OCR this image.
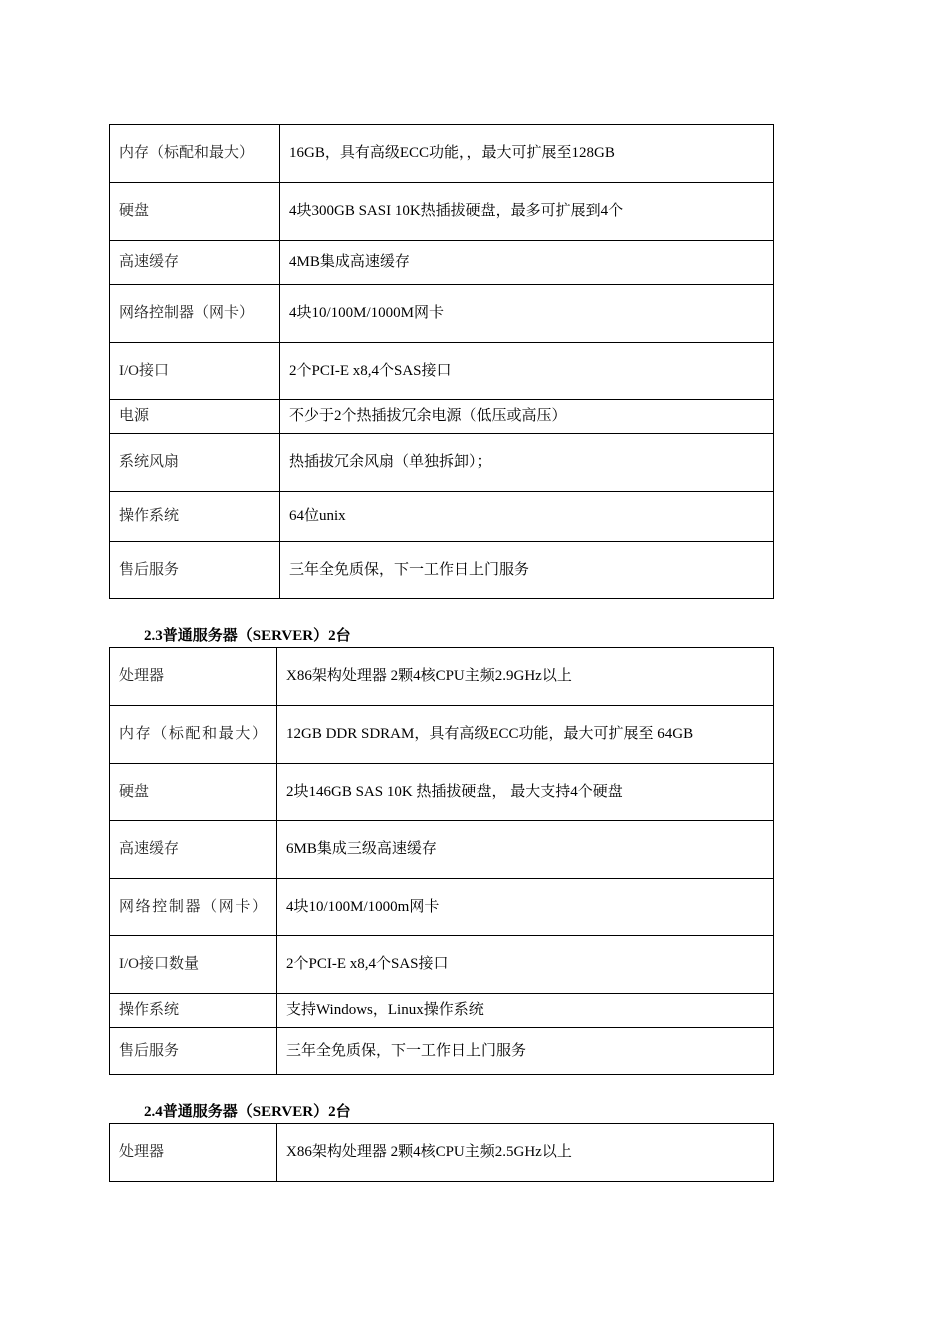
内存（标配和最大）	16GB，具有高级ECC功能，，最大可扩展至128GB
硬盘	4块300GB SASI 10K热插拔硬盘，最多可扩展到4个
高速缓存	4MB集成高速缓存
网络控制器（网卡）	4块10/100M/1000M网卡
I/O接口	2个PCI-E x8,4个SAS接口
电源	不少于2个热插拔冗余电源（低压或高压）
系统风扇	热插拔冗余风扇（单独拆卸）；
操作系统	64位unix
售后服务	三年全免质保，下一工作日上门服务
2.3普通服务器（SERVER）2台
处理器	X86架构处理器 2颗4核CPU主频2.9GHz以上
内存（标配和最大）	12GB DDR SDRAM，具有高级ECC功能，最大可扩展至 64GB
硬盘	2块146GB SAS 10K 热插拔硬盘， 最大支持4个硬盘
高速缓存	6MB集成三级高速缓存
网络控制器（网卡）	4块10/100M/1000m网卡
I/O接口数量	2个PCI-E x8,4个SAS接口
操作系统	支持Windows，Linux操作系统
售后服务	三年全免质保，下一工作日上门服务
2.4普通服务器（SERVER）2台
处理器	X86架构处理器 2颗4核CPU主频2.5GHz以上
